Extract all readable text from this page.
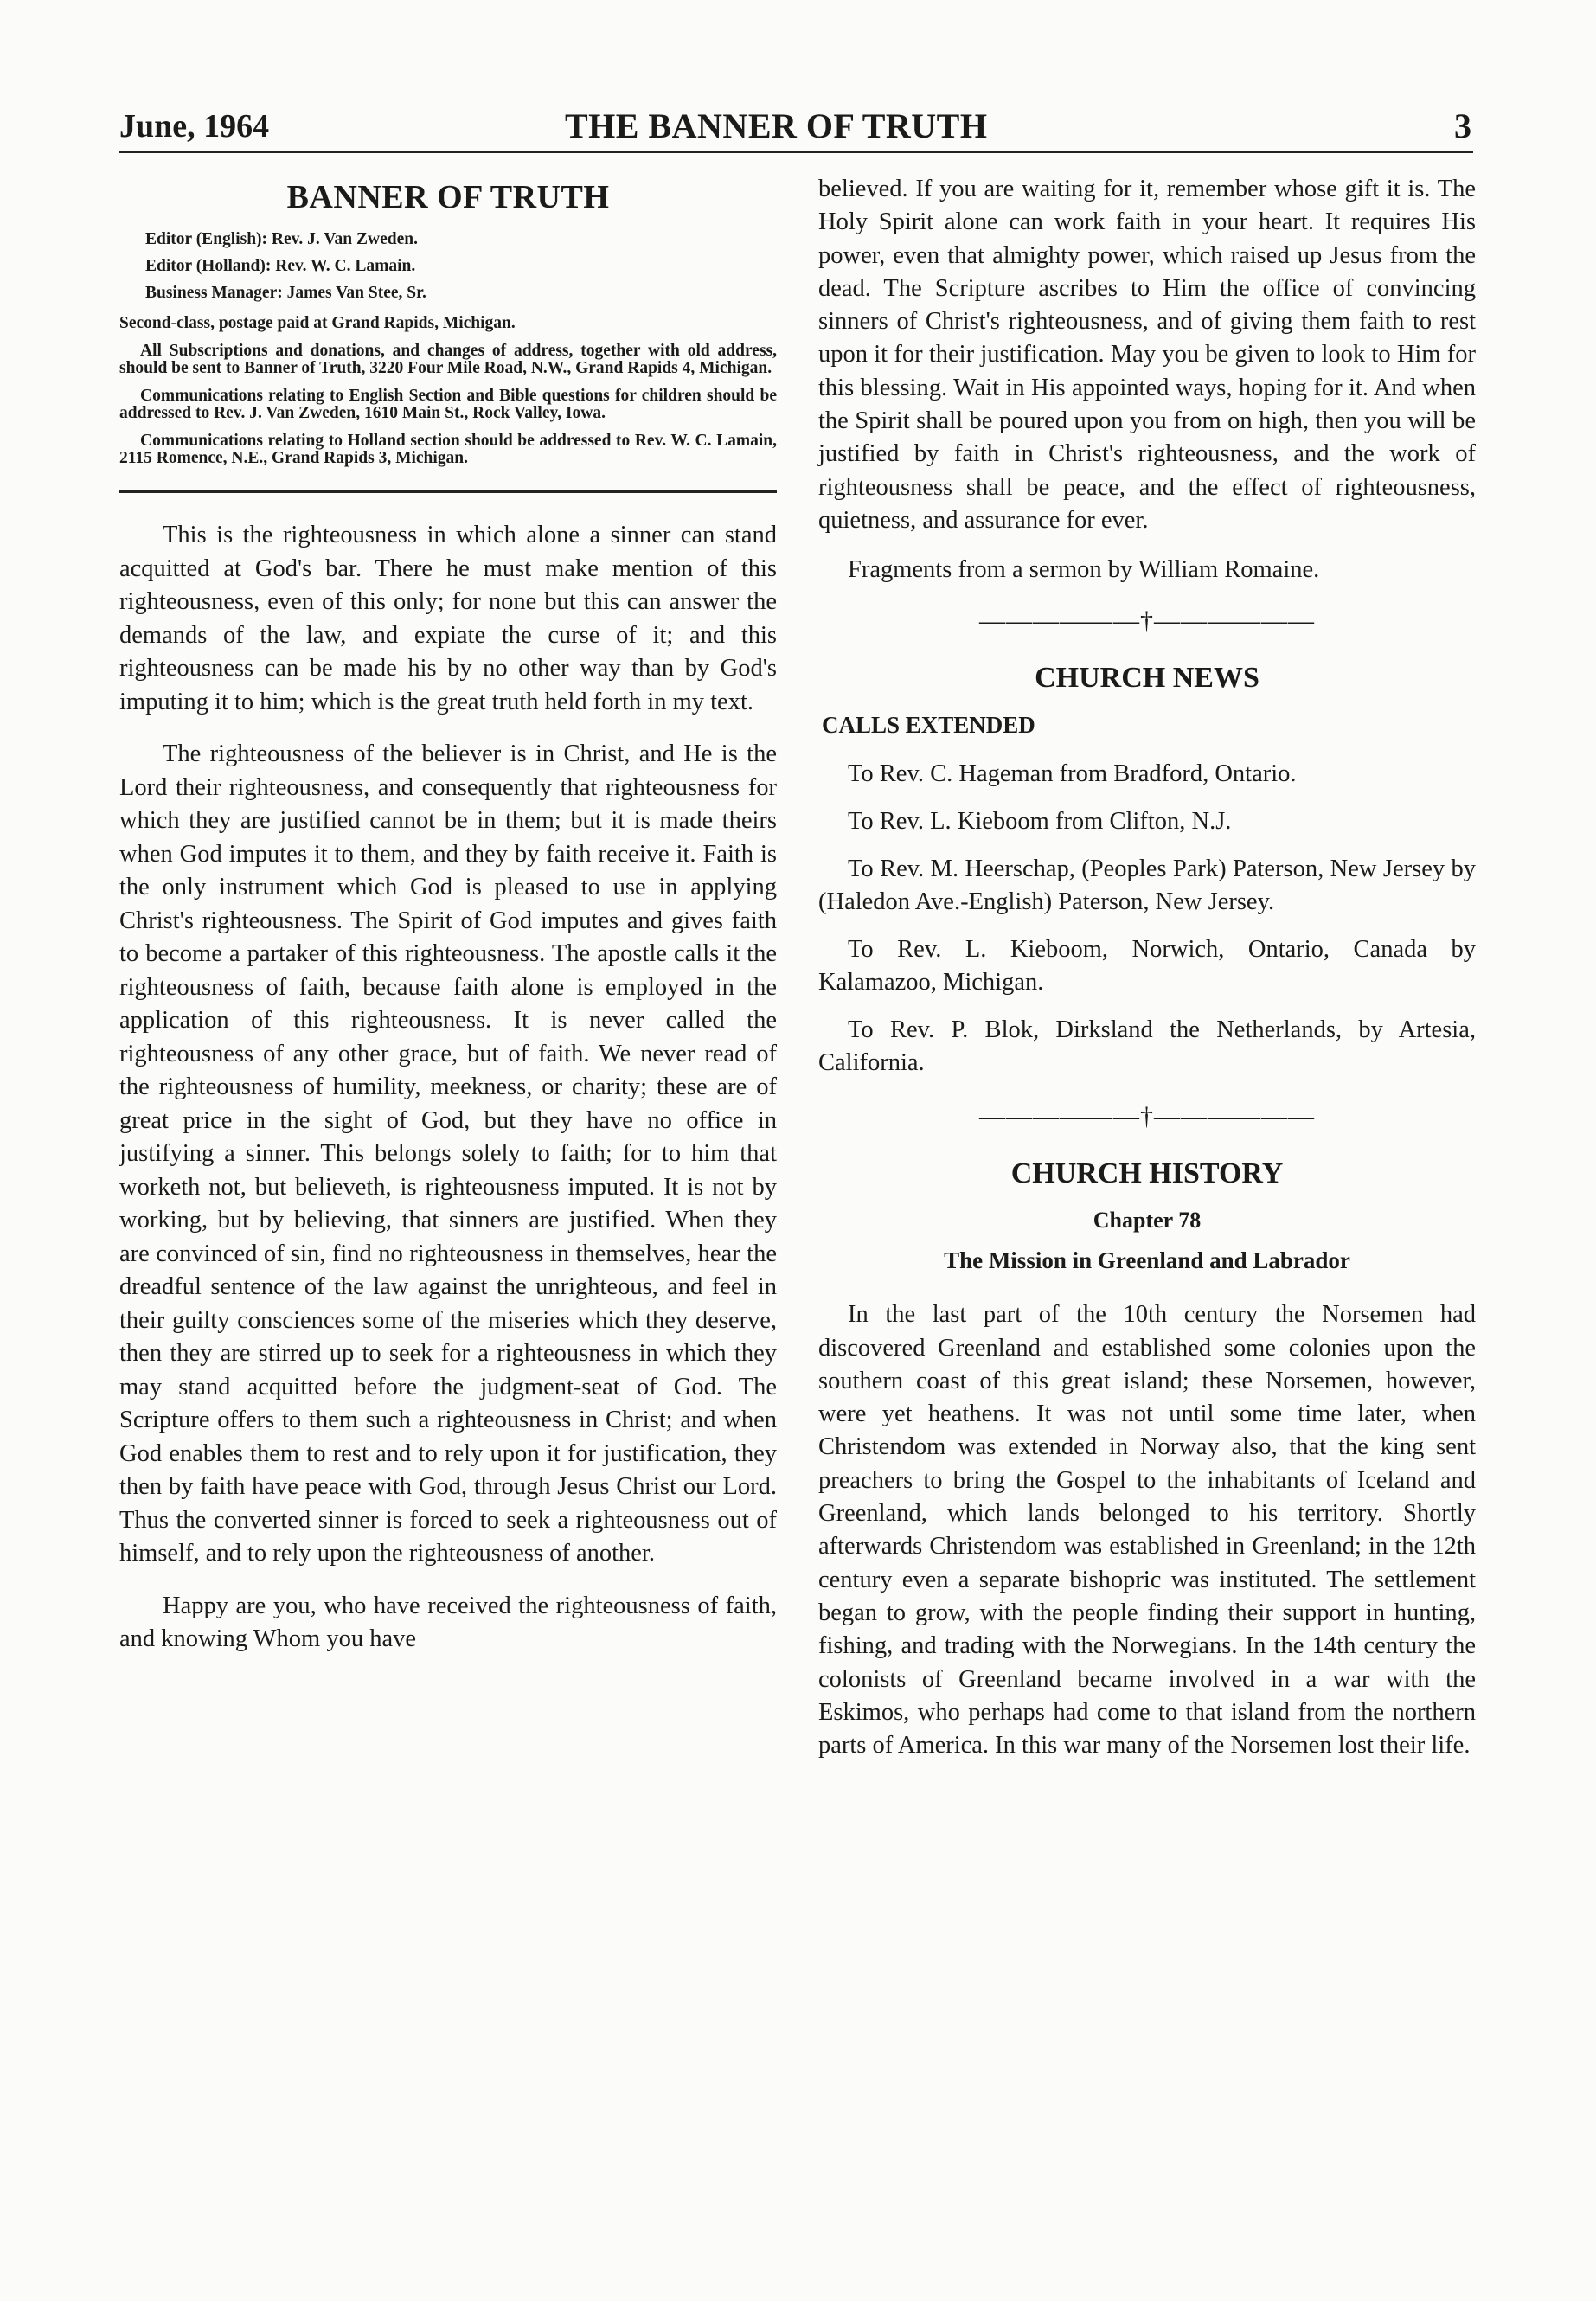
June, 1964	THE BANNER OF TRUTH	3
BANNER OF TRUTH
Editor (English): Rev. J. Van Zweden.
Editor (Holland): Rev. W. C. Lamain.
Business Manager: James Van Stee, Sr.

Second-class, postage paid at Grand Rapids, Michigan.

All Subscriptions and donations, and changes of address, together with old address, should be sent to Banner of Truth, 3220 Four Mile Road, N.W., Grand Rapids 4, Michigan.

Communications relating to English Section and Bible questions for children should be addressed to Rev. J. Van Zweden, 1610 Main St., Rock Valley, Iowa.

Communications relating to Holland section should be addressed to Rev. W. C. Lamain, 2115 Romence, N.E., Grand Rapids 3, Michigan.

This is the righteousness in which alone a sinner can stand acquitted at God's bar. There he must make mention of this righteousness, even of this only; for none but this can answer the demands of the law, and expiate the curse of it; and this righteousness can be made his by no other way than by God's imputing it to him; which is the great truth held forth in my text.

The righteousness of the believer is in Christ, and He is the Lord their righteousness, and consequently that righteousness for which they are justified cannot be in them; but it is made theirs when God imputes it to them, and they by faith receive it. Faith is the only instrument which God is pleased to use in applying Christ's righteousness. The Spirit of God imputes and gives faith to become a partaker of this righteousness. The apostle calls it the righteousness of faith, because faith alone is employed in the application of this righteousness. It is never called the righteousness of any other grace, but of faith. We never read of the righteousness of humility, meekness, or charity; these are of great price in the sight of God, but they have no office in justifying a sinner. This belongs solely to faith; for to him that worketh not, but believeth, is righteousness imputed. It is not by working, but by believing, that sinners are justified. When they are convinced of sin, find no righteousness in themselves, hear the dreadful sentence of the law against the unrighteous, and feel in their guilty consciences some of the miseries which they deserve, then they are stirred up to seek for a righteousness in which they may stand acquitted before the judgment-seat of God. The Scripture offers to them such a righteousness in Christ; and when God enables them to rest and to rely upon it for justification, they then by faith have peace with God, through Jesus Christ our Lord. Thus the converted sinner is forced to seek a righteousness out of himself, and to rely upon the righteousness of another.

Happy are you, who have received the righteousness of faith, and knowing Whom you have

believed. If you are waiting for it, remember whose gift it is. The Holy Spirit alone can work faith in your heart. It requires His power, even that almighty power, which raised up Jesus from the dead. The Scripture ascribes to Him the office of convincing sinners of Christ's righteousness, and of giving them faith to rest upon it for their justification. May you be given to look to Him for this blessing. Wait in His appointed ways, hoping for it. And when the Spirit shall be poured upon you from on high, then you will be justified by faith in Christ's righteousness, and the work of righteousness shall be peace, and the effect of righteousness, quietness, and assurance for ever.

Fragments from a sermon by William Romaine.
——————†——————
CHURCH NEWS
CALLS EXTENDED

To Rev. C. Hageman from Bradford, Ontario.

To Rev. L. Kieboom from Clifton, N.J.

To Rev. M. Heerschap, (Peoples Park) Paterson, New Jersey by (Haledon Ave.-English) Paterson, New Jersey.

To Rev. L. Kieboom, Norwich, Ontario, Canada by Kalamazoo, Michigan.

To Rev. P. Blok, Dirksland the Netherlands, by Artesia, California.

——————†——————
CHURCH HISTORY
Chapter 78
The Mission in Greenland and Labrador

In the last part of the 10th century the Norsemen had discovered Greenland and established some colonies upon the southern coast of this great island; these Norsemen, however, were yet heathens. It was not until some time later, when Christendom was extended in Norway also, that the king sent preachers to bring the Gospel to the inhabitants of Iceland and Greenland, which lands belonged to his territory. Shortly afterwards Christendom was established in Greenland; in the 12th century even a separate bishopric was instituted. The settlement began to grow, with the people finding their support in hunting, fishing, and trading with the Norwegians. In the 14th century the colonists of Greenland became involved in a war with the Eskimos, who perhaps had come to that island from the northern parts of America. In this war many of the Norsemen lost their life.
